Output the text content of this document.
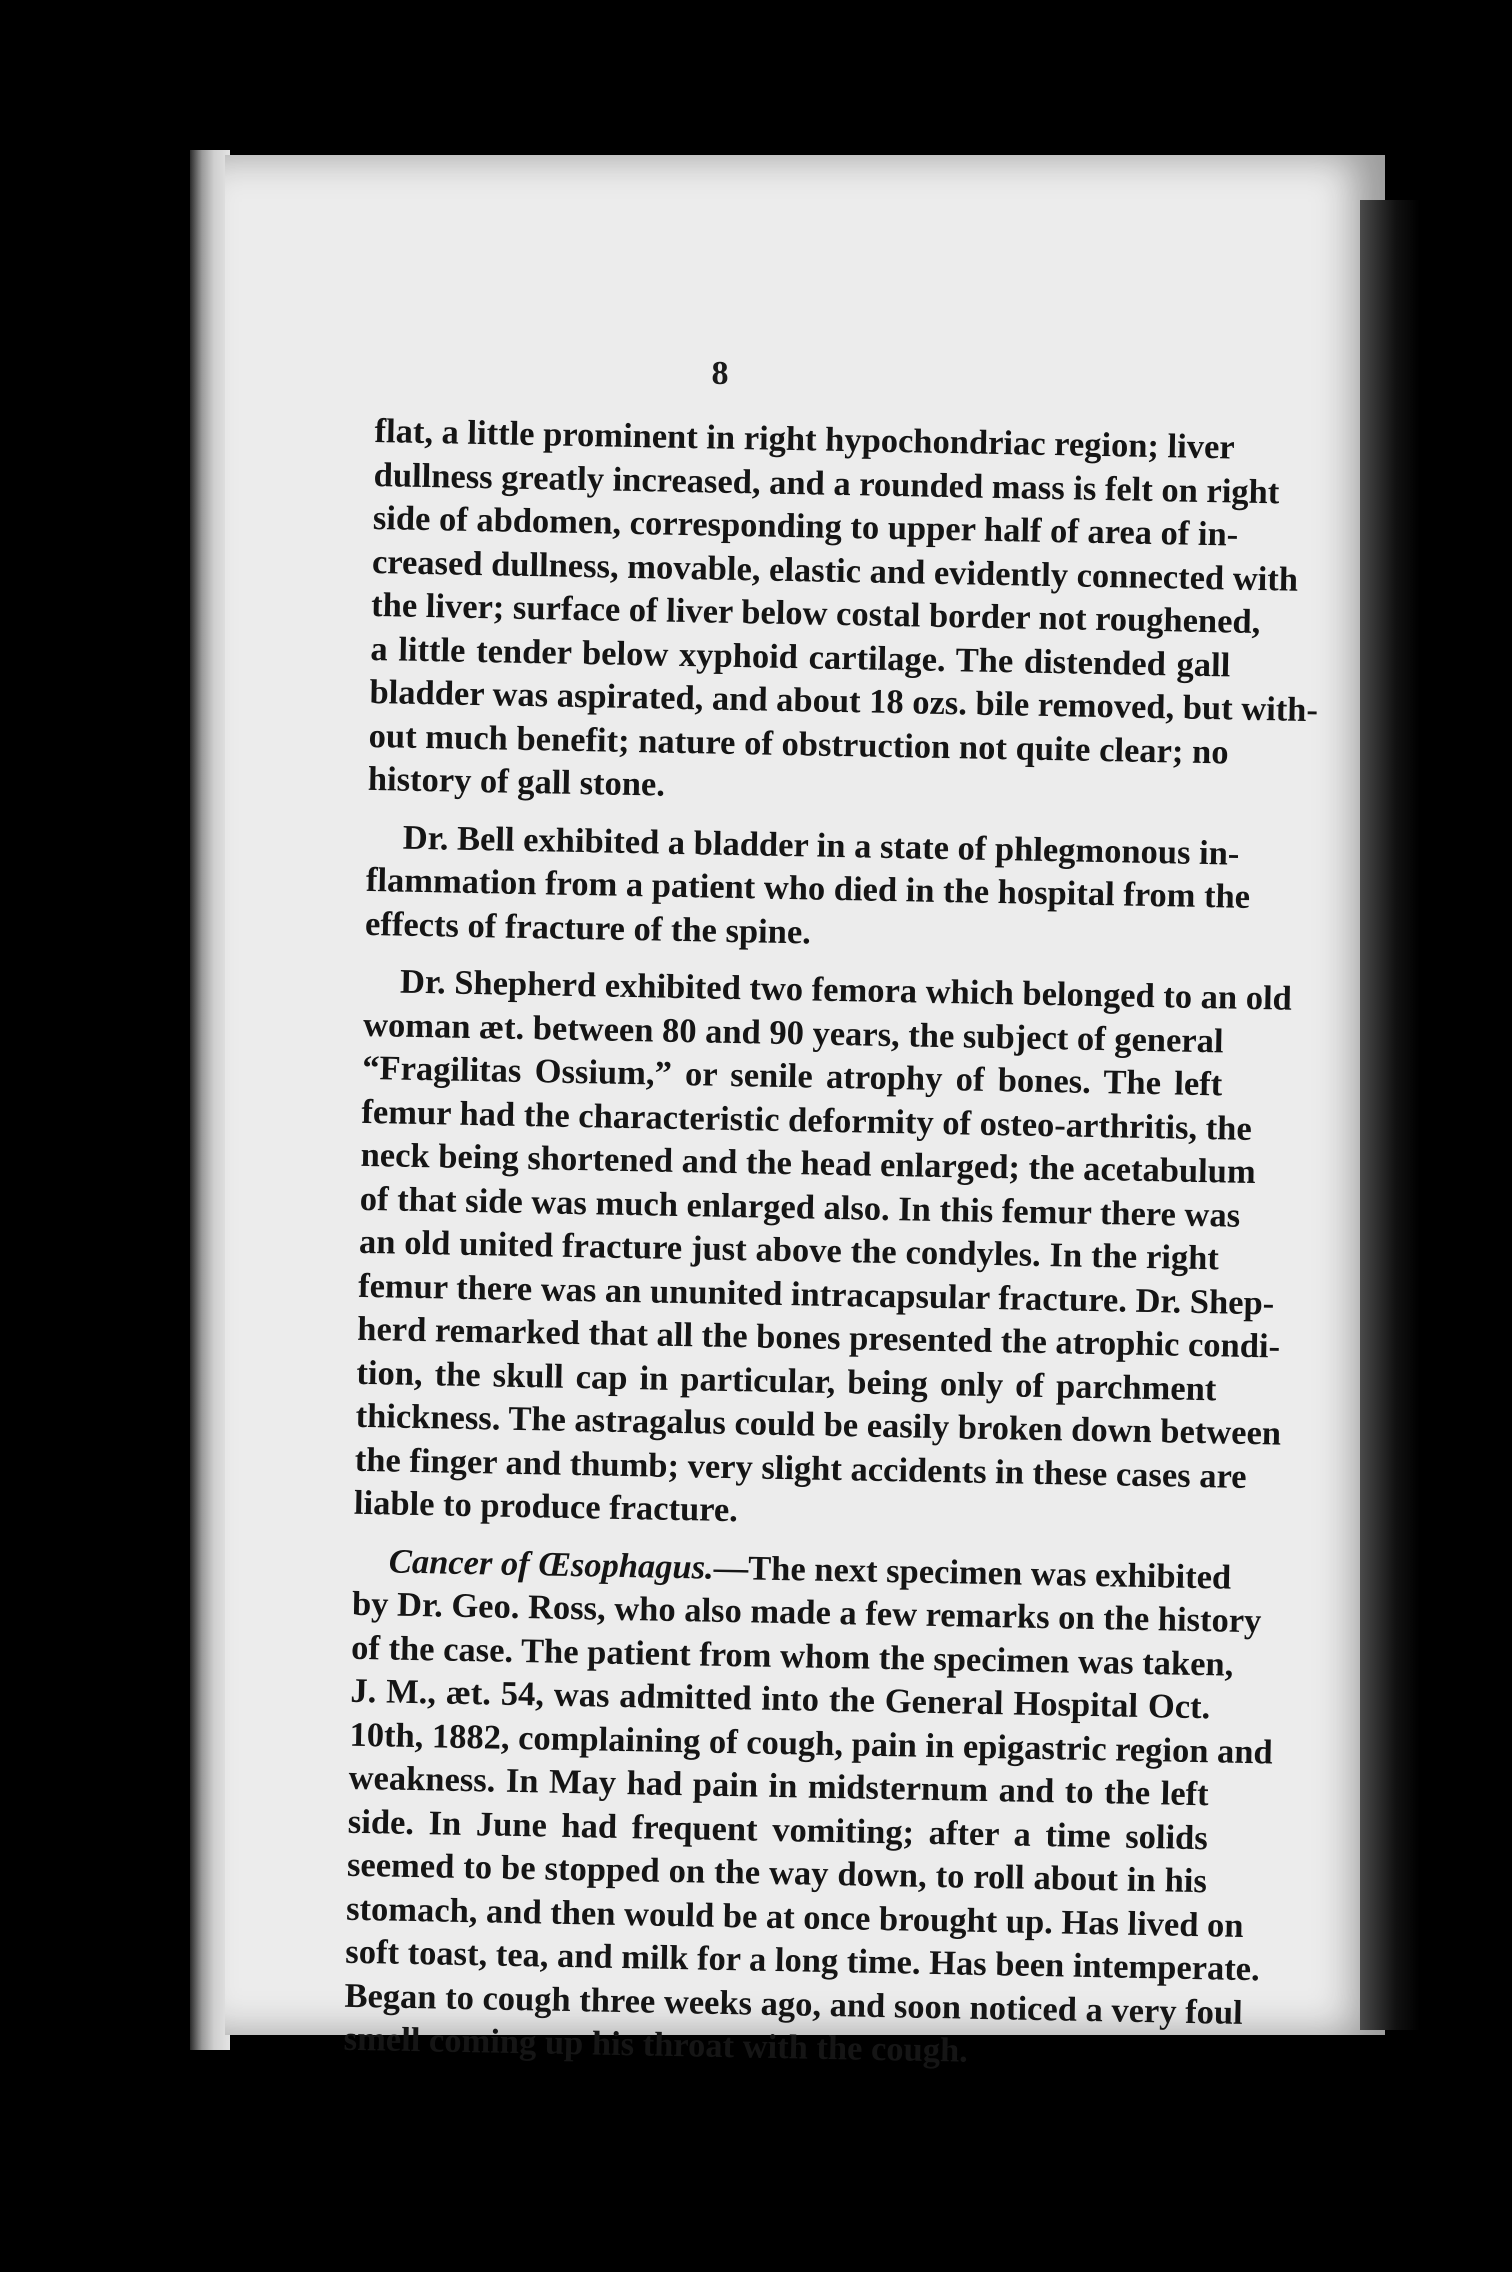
8
flat, a little prominent in right hypochondriac region; liver
dullness greatly increased, and a rounded mass is felt on right
side of abdomen, corresponding to upper half of area of in-
creased dullness, movable, elastic and evidently connected with
the liver; surface of liver below costal border not roughened,
a little tender below xyphoid cartilage. The distended gall
bladder was aspirated, and about 18 ozs. bile removed, but with-
out much benefit; nature of obstruction not quite clear; no
history of gall stone.
Dr. Bell exhibited a bladder in a state of phlegmonous in-
flammation from a patient who died in the hospital from the
effects of fracture of the spine.
Dr. Shepherd exhibited two femora which belonged to an old
woman æt. between 80 and 90 years, the subject of general
“Fragilitas Ossium,” or senile atrophy of bones. The left
femur had the characteristic deformity of osteo-arthritis, the
neck being shortened and the head enlarged; the acetabulum
of that side was much enlarged also. In this femur there was
an old united fracture just above the condyles. In the right
femur there was an ununited intracapsular fracture. Dr. Shep-
herd remarked that all the bones presented the atrophic condi-
tion, the skull cap in particular, being only of parchment
thickness. The astragalus could be easily broken down between
the finger and thumb; very slight accidents in these cases are
liable to produce fracture.
Cancer of Œsophagus.—The next specimen was exhibited
by Dr. Geo. Ross, who also made a few remarks on the history
of the case. The patient from whom the specimen was taken,
J. M., æt. 54, was admitted into the General Hospital Oct.
10th, 1882, complaining of cough, pain in epigastric region and
weakness. In May had pain in midsternum and to the left
side. In June had frequent vomiting; after a time solids
seemed to be stopped on the way down, to roll about in his
stomach, and then would be at once brought up. Has lived on
soft toast, tea, and milk for a long time. Has been intemperate.
Began to cough three weeks ago, and soon noticed a very foul
smell coming up his throat with the cough.
